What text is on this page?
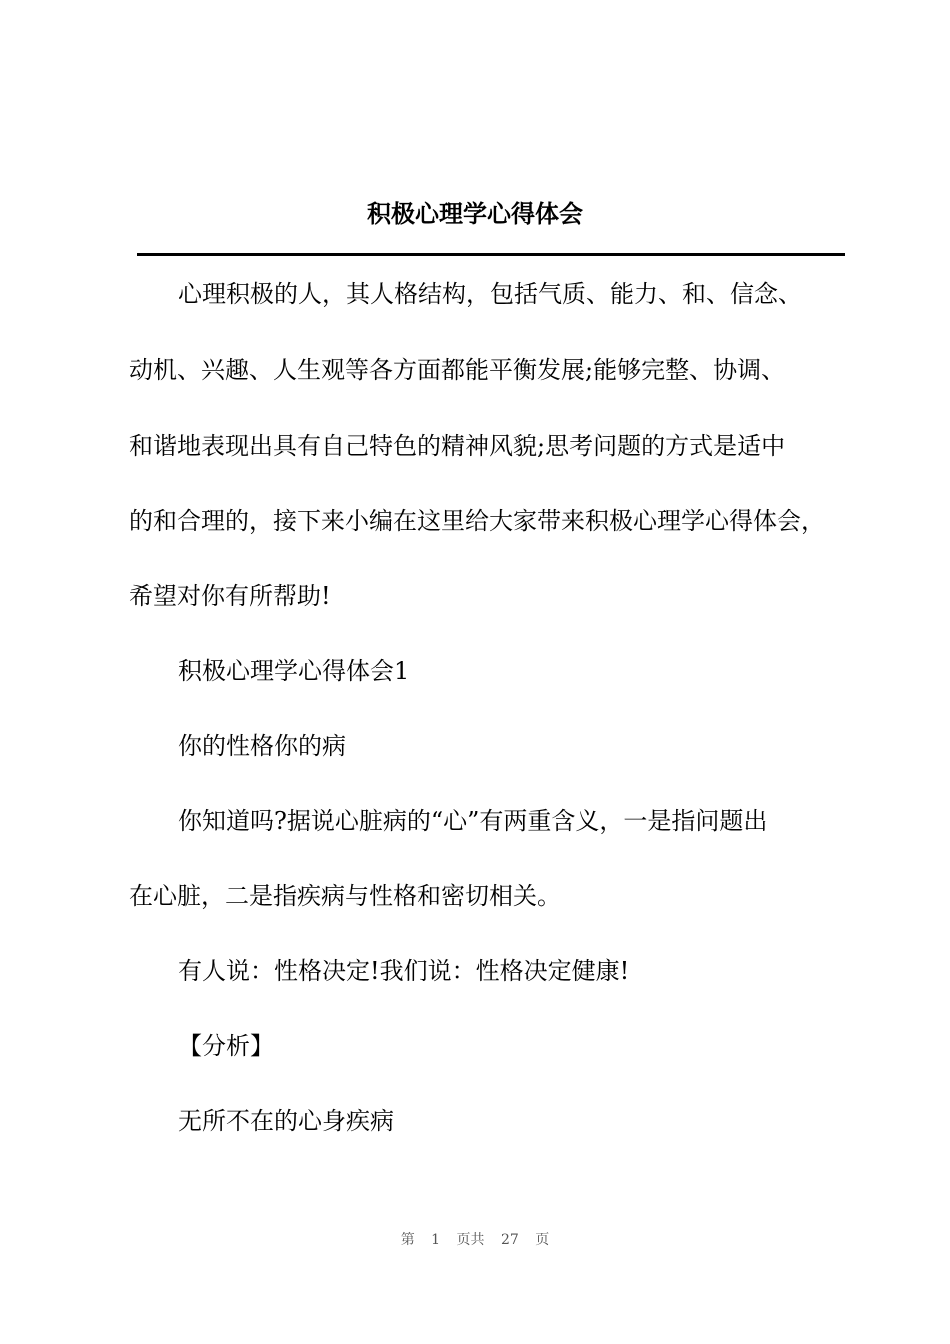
积极心理学心得体会

心理积极的人，其人格结构，包括气质、能力、和、信念、

动机、兴趣、人生观等各方面都能平衡发展;能够完整、协调、

和谐地表现出具有自己特色的精神风貌;思考问题的方式是适中

的和合理的，接下来小编在这里给大家带来积极心理学心得体会，

希望对你有所帮助!

积极心理学心得体会1

你的性格你的病

你知道吗?据说心脏病的“心”有两重含义，一是指问题出

在心脏，二是指疾病与性格和密切相关。

有人说：性格决定!我们说：性格决定健康!

【分析】

无所不在的心身疾病

第 1 页共 27 页
